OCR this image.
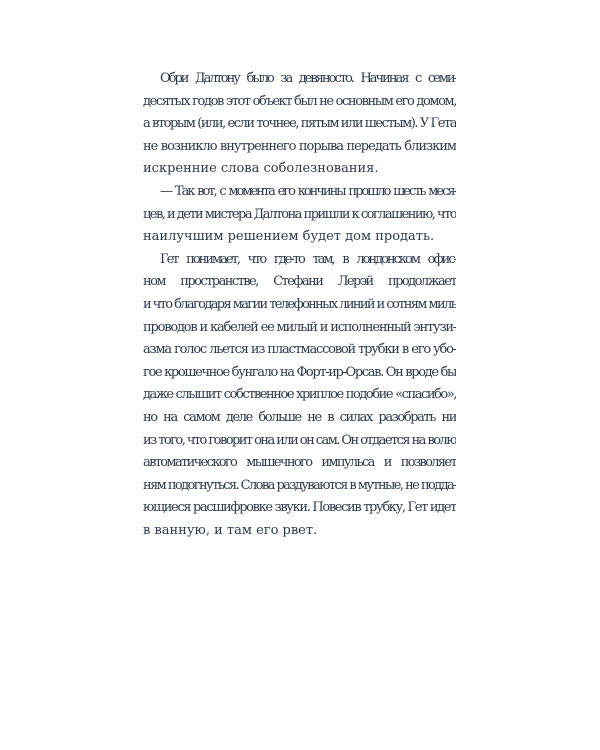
Обри Далтону было за девяносто. Начиная с семи-
десятых годов этот объект был не основным его домом,
а вторым (или, если точнее, пятым или шестым). У Гета
не возникло внутреннего порыва передать близким
искренние слова соболезнования.
— Так вот, с момента его кончины прошло шесть меся-
цев, и дети мистера Далтона пришли к соглашению, что
наилучшим решением будет дом продать.
Гет понимает, что где-то там, в лондонском офис-
ном пространстве, Стефани Лерэй продолжает
и что благодаря магии телефонных линий и сотням миль
проводов и кабелей ее милый и исполненный энтузи-
азма голос льется из пластмассовой трубки в его убо-
гое крошечное бунгало на Форт-ир-Орсав. Он вроде бы
даже слышит собственное хриплое подобие «спасибо»,
но на самом деле больше не в силах разобрать ни
из того, что говорит она или он сам. Он отдается на волю
автоматического мышечного импульса и позволяет
ням подогнуться. Слова раздуваются в мутные, не подда-
ющиеся расшифровке звуки. Повесив трубку, Гет идет
в ванную, и там его рвет.
